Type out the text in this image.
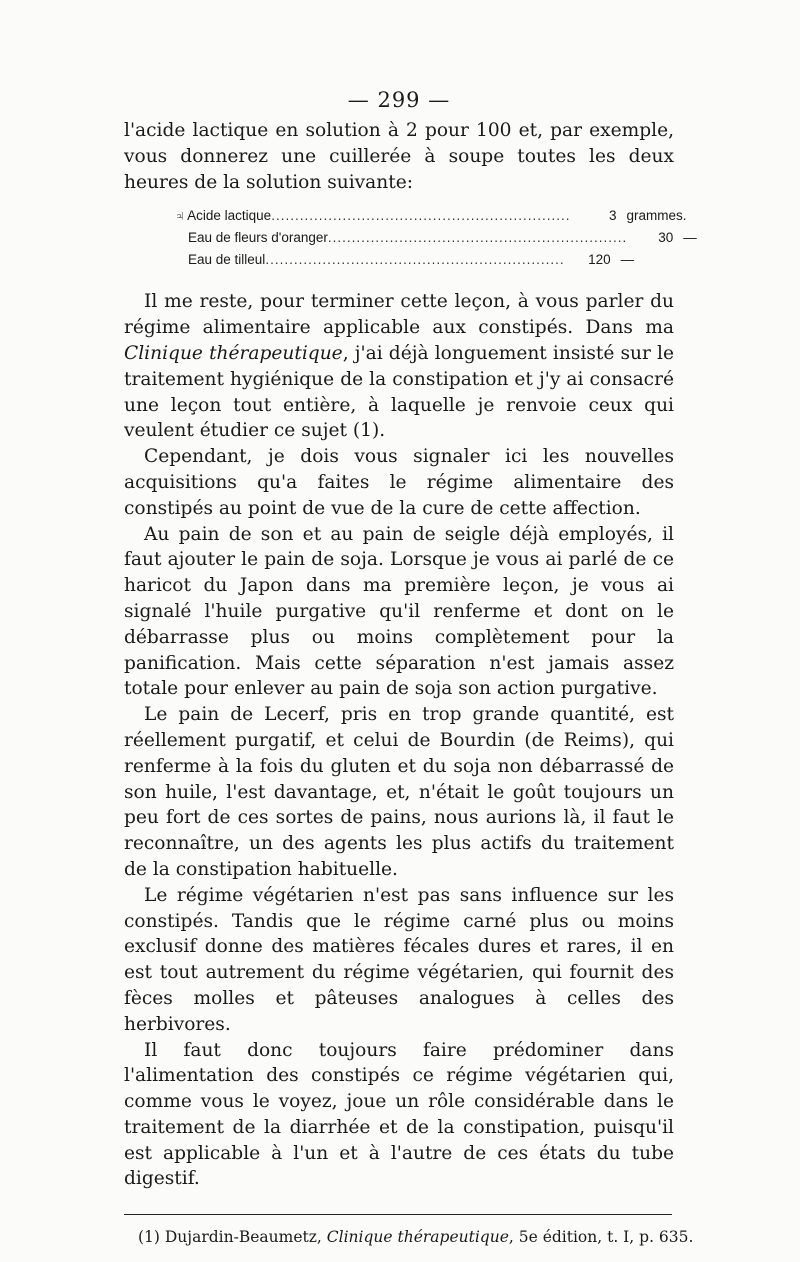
— 299 —

l'acide lactique en solution à 2 pour 100 et, par exemple, vous donnerez une cuillerée à soupe toutes les deux heures de la solution suivante:

♃ Acide lactique ...............................................................	3 grammes.
Eau de fleurs d'oranger ...............................................................	30 —
Eau de tilleul ...............................................................	120 —

Il me reste, pour terminer cette leçon, à vous parler du régime alimentaire applicable aux constipés. Dans ma Clinique thérapeutique, j'ai déjà longuement insisté sur le traitement hygiénique de la constipation et j'y ai consacré une leçon tout entière, à laquelle je renvoie ceux qui veulent étudier ce sujet (1).

Cependant, je dois vous signaler ici les nouvelles acquisitions qu'a faites le régime alimentaire des constipés au point de vue de la cure de cette affection.

Au pain de son et au pain de seigle déjà employés, il faut ajouter le pain de soja. Lorsque je vous ai parlé de ce haricot du Japon dans ma première leçon, je vous ai signalé l'huile purgative qu'il renferme et dont on le débarrasse plus ou moins complètement pour la panification. Mais cette séparation n'est jamais assez totale pour enlever au pain de soja son action purgative.

Le pain de Lecerf, pris en trop grande quantité, est réellement purgatif, et celui de Bourdin (de Reims), qui renferme à la fois du gluten et du soja non débarrassé de son huile, l'est davantage, et, n'était le goût toujours un peu fort de ces sortes de pains, nous aurions là, il faut le reconnaître, un des agents les plus actifs du traitement de la constipation habituelle.

Le régime végétarien n'est pas sans influence sur les constipés. Tandis que le régime carné plus ou moins exclusif donne des matières fécales dures et rares, il en est tout autrement du régime végétarien, qui fournit des fèces molles et pâteuses analogues à celles des herbivores.

Il faut donc toujours faire prédominer dans l'alimentation des constipés ce régime végétarien qui, comme vous le voyez, joue un rôle considérable dans le traitement de la diarrhée et de la constipation, puisqu'il est applicable à l'un et à l'autre de ces états du tube digestif.

(1) Dujardin-Beaumetz, Clinique thérapeutique, 5e édition, t. I, p. 635.
